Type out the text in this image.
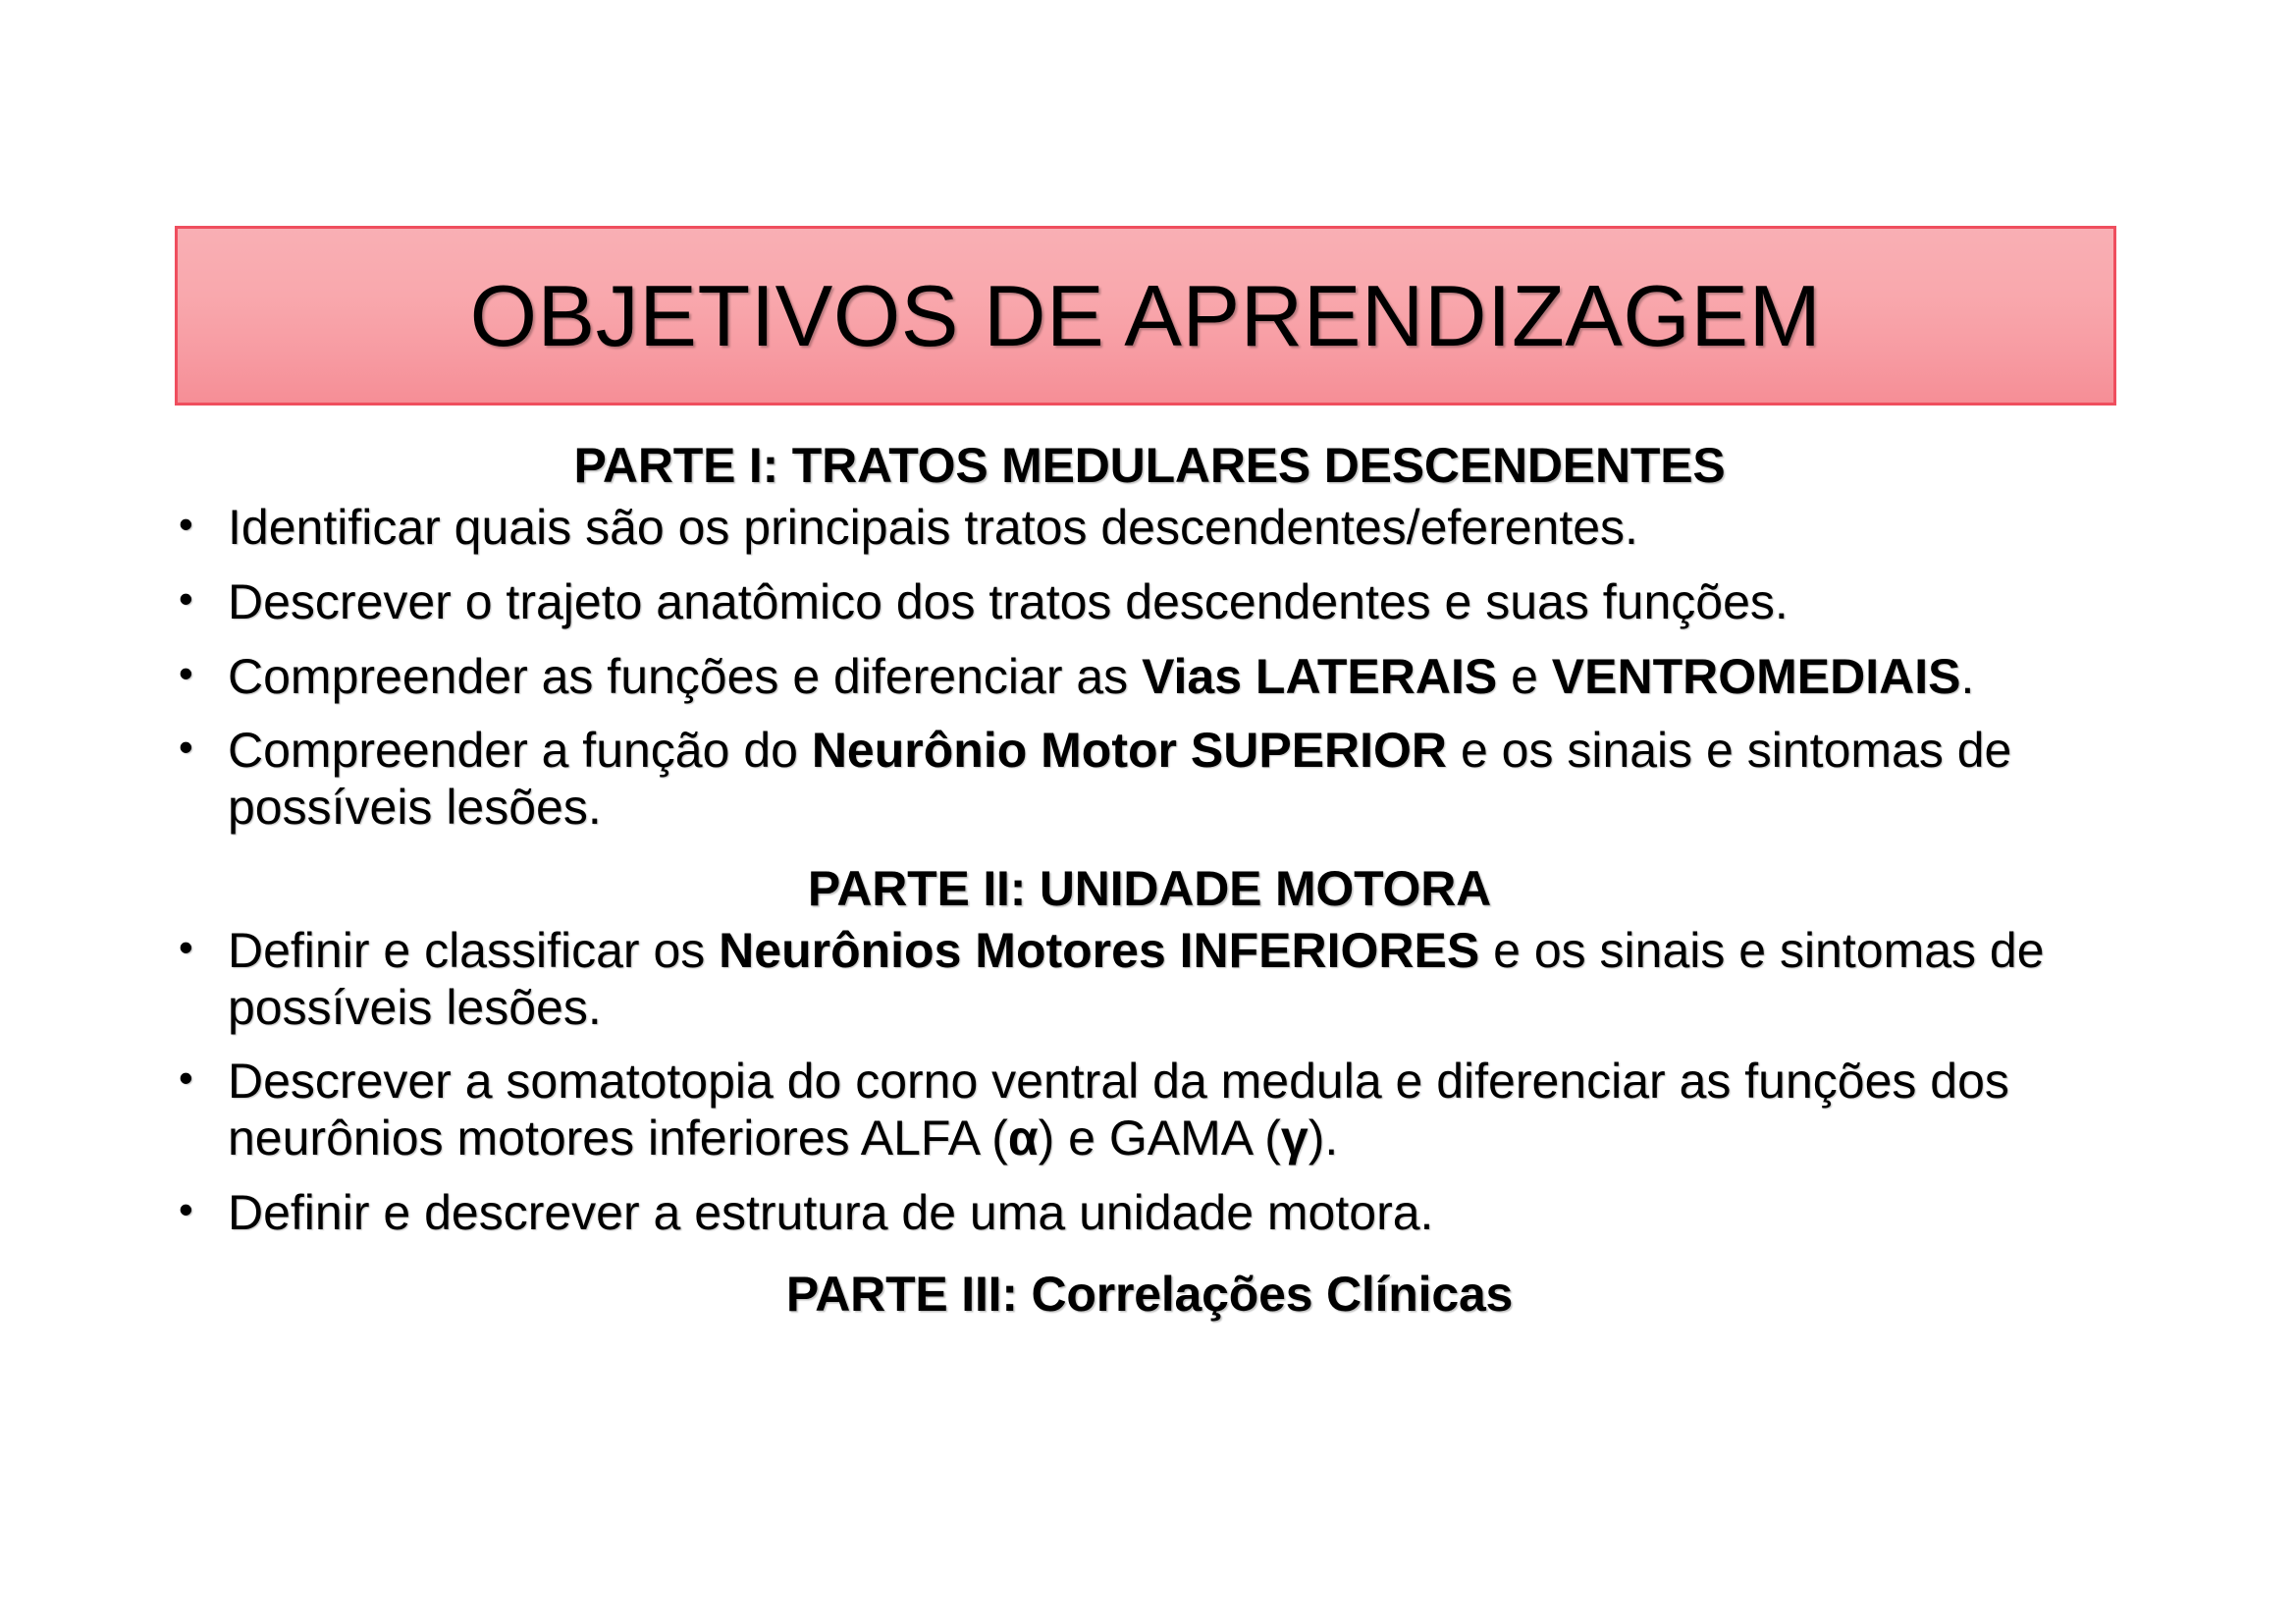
OBJETIVOS DE APRENDIZAGEM
PARTE I: TRATOS MEDULARES DESCENDENTES
• Identificar quais são os principais tratos descendentes/eferentes.
• Descrever o trajeto anatômico dos tratos descendentes e suas funções.
• Compreender as funções e diferenciar as Vias LATERAIS e VENTROMEDIAIS.
• Compreender a função do Neurônio Motor SUPERIOR e os sinais e sintomas de possíveis lesões.
PARTE II: UNIDADE MOTORA
• Definir e classificar os Neurônios Motores INFERIORES e os sinais e sintomas de possíveis lesões.
• Descrever a somatotopia do corno ventral da medula e diferenciar as funções dos neurônios motores inferiores ALFA (α) e GAMA (γ).
• Definir e descrever a estrutura de uma unidade motora.
PARTE III: Correlações Clínicas
